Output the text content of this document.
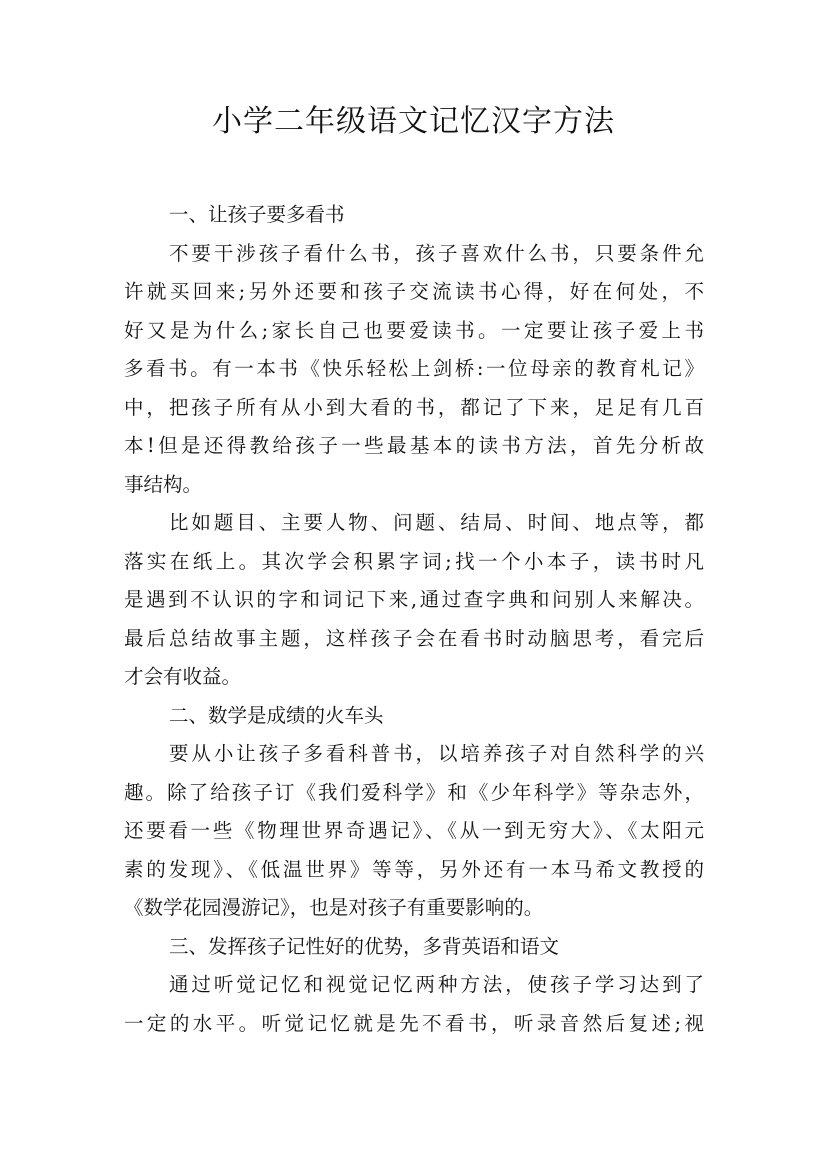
小学二年级语文记忆汉字方法
一、让孩子要多看书
不要干涉孩子看什么书，孩子喜欢什么书，只要条件允
许就买回来;另外还要和孩子交流读书心得，好在何处，不
好又是为什么;家长自己也要爱读书。一定要让孩子爱上书
多看书。有一本书《快乐轻松上剑桥:一位母亲的教育札记》
中，把孩子所有从小到大看的书，都记了下来，足足有几百
本!但是还得教给孩子一些最基本的读书方法，首先分析故
事结构。
比如题目、主要人物、问题、结局、时间、地点等，都
落实在纸上。其次学会积累字词;找一个小本子，读书时凡
是遇到不认识的字和词记下来,通过查字典和问别人来解决。
最后总结故事主题，这样孩子会在看书时动脑思考，看完后
才会有收益。
二、数学是成绩的火车头
要从小让孩子多看科普书，以培养孩子对自然科学的兴
趣。除了给孩子订《我们爱科学》和《少年科学》等杂志外，
还要看一些《物理世界奇遇记》、《从一到无穷大》、《太阳元
素的发现》、《低温世界》等等，另外还有一本马希文教授的
《数学花园漫游记》，也是对孩子有重要影响的。
三、发挥孩子记性好的优势，多背英语和语文
通过听觉记忆和视觉记忆两种方法，使孩子学习达到了
一定的水平。听觉记忆就是先不看书，听录音然后复述;视
